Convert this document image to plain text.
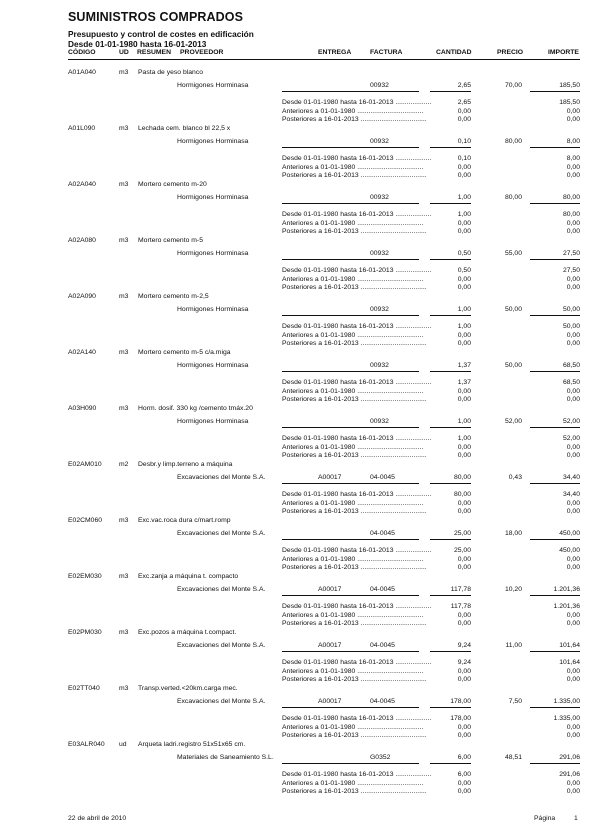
SUMINISTROS COMPRADOS
Presupuesto y control de costes en edificación
Desde 01-01-1980 hasta 16-01-2013
CÓDIGO	UD RESUMEN PROVEEDOR	ENTREGA	FACTURA	CANTIDAD	PRECIO	IMPORTE
A01A040	m3 Pasta de yeso blanco
Hormigones Horminasa	00932	2,65	70,00	185,50
Desde 01-01-1980 hasta 16-01-2013 ...................	2,65	185,50
Anteriores a 01-01-1980 ...................................	0,00	0,00
Posteriores a 16-01-2013 ...................................	0,00	0,00
A01L090	m3 Lechada cem. blanco bl 22,5 x
Hormigones Horminasa	00932	0,10	80,00	8,00
Desde 01-01-1980 hasta 16-01-2013 ...................	0,10	8,00
Anteriores a 01-01-1980 ...................................	0,00	0,00
Posteriores a 16-01-2013 ...................................	0,00	0,00
A02A040	m3 Mortero cemento m-20
Hormigones Horminasa	00932	1,00	80,00	80,00
Desde 01-01-1980 hasta 16-01-2013 ...................	1,00	80,00
Anteriores a 01-01-1980 ...................................	0,00	0,00
Posteriores a 16-01-2013 ...................................	0,00	0,00
A02A080	m3 Mortero cemento m-5
Hormigones Horminasa	00932	0,50	55,00	27,50
Desde 01-01-1980 hasta 16-01-2013 ...................	0,50	27,50
Anteriores a 01-01-1980 ...................................	0,00	0,00
Posteriores a 16-01-2013 ...................................	0,00	0,00
A02A090	m3 Mortero cemento m-2,5
Hormigones Horminasa	00932	1,00	50,00	50,00
Desde 01-01-1980 hasta 16-01-2013 ...................	1,00	50,00
Anteriores a 01-01-1980 ...................................	0,00	0,00
Posteriores a 16-01-2013 ...................................	0,00	0,00
A02A140	m3 Mortero cemento m-5 c/a.miga
Hormigones Horminasa	00932	1,37	50,00	68,50
Desde 01-01-1980 hasta 16-01-2013 ...................	1,37	68,50
Anteriores a 01-01-1980 ...................................	0,00	0,00
Posteriores a 16-01-2013 ...................................	0,00	0,00
A03H090	m3 Horm. dosif. 330 kg /cemento tmáx.20
Hormigones Horminasa	00932	1,00	52,00	52,00
Desde 01-01-1980 hasta 16-01-2013 ...................	1,00	52,00
Anteriores a 01-01-1980 ...................................	0,00	0,00
Posteriores a 16-01-2013 ...................................	0,00	0,00
E02AM010	m2 Desbr.y limp.terreno a máquina
Excavaciones del Monte S.A.	A00017	04-0045	80,00	0,43	34,40
Desde 01-01-1980 hasta 16-01-2013 ...................	80,00	34,40
Anteriores a 01-01-1980 ...................................	0,00	0,00
Posteriores a 16-01-2013 ...................................	0,00	0,00
E02CM060 m3 Exc.vac.roca dura c/mart.romp
Excavaciones del Monte S.A.	04-0045	25,00	18,00	450,00
Desde 01-01-1980 hasta 16-01-2013 ...................	25,00	450,00
Anteriores a 01-01-1980 ...................................	0,00	0,00
Posteriores a 16-01-2013 ...................................	0,00	0,00
E02EM030	m3 Exc.zanja a máquina t. compacto
Excavaciones del Monte S.A.	A00017	04-0045	117,78	10,20	1.201,36
Desde 01-01-1980 hasta 16-01-2013 ...................	117,78	1.201,36
Anteriores a 01-01-1980 ...................................	0,00	0,00
Posteriores a 16-01-2013 ...................................	0,00	0,00
E02PM030	m3 Exc.pozos a máquina t.compact.
Excavaciones del Monte S.A.	A00017	04-0045	9,24	11,00	101,64
Desde 01-01-1980 hasta 16-01-2013 ...................	9,24	101,64
Anteriores a 01-01-1980 ...................................	0,00	0,00
Posteriores a 16-01-2013 ...................................	0,00	0,00
E02TT040	m3 Transp.verted.<20km.carga mec.
Excavaciones del Monte S.A.	A00017	04-0045	178,00	7,50	1.335,00
Desde 01-01-1980 hasta 16-01-2013 ...................	178,00	1.335,00
Anteriores a 01-01-1980 ...................................	0,00	0,00
Posteriores a 16-01-2013 ...................................	0,00	0,00
E03ALR040 ud Arqueta ladri.registro 51x51x65 cm.
Materiales de Saneamiento S.L.	G0352	6,00	48,51	291,06
Desde 01-01-1980 hasta 16-01-2013 ...................	6,00	291,06
Anteriores a 01-01-1980 ...................................	0,00	0,00
Posteriores a 16-01-2013 ...................................	0,00	0,00
22 de abril de 2010	Página	1
